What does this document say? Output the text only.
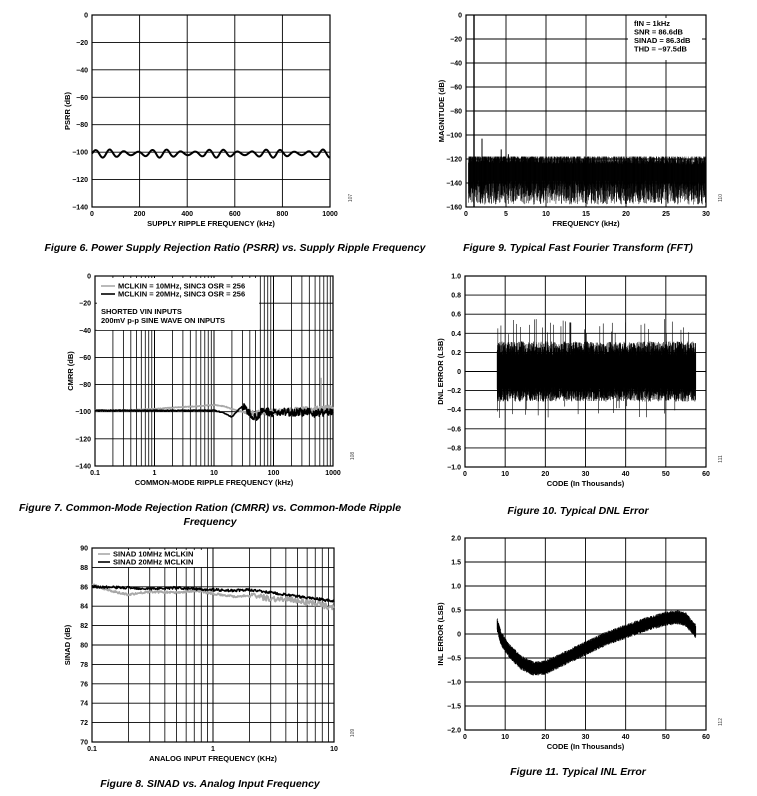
0
−20
−40
−60
−80
−100
−120
−140
0	200	400	600	800	1000
SUPPLY RIPPLE FREQUENCY (kHz)
PSRR (dB)
Figure 6. Power Supply Rejection Ratio (PSRR) vs. Supply Ripple Frequency
107
0
−20
−40
−60
−80
−100
−120
−140
−160
0	5	10	15	20	25	30
FREQUENCY (kHz)
MAGNITUDE (dB)
Figure 9. Typical Fast Fourier Transform (FFT)
110
fIN = 1kHz
SNR = 86.6dB
SINAD = 86.3dB
THD = −97.5dB
0
−20
−40
−60
−80
−100
−120
−140
0.1	1	10	100	1000
COMMON-MODE RIPPLE FREQUENCY (kHz)
CMRR (dB)
Figure 7. Common-Mode Rejection Ration (CMRR) vs. Common-Mode Ripple
108
MCLKIN = 10MHz, SINC3 OSR = 256
MCLKIN = 20MHz, SINC3 OSR = 256
SHORTED VIN INPUTS
200mV p-p SINE WAVE ON INPUTS
1.0
0.8
0.6
0.4
0.2
0
−0.2
−0.4
−0.6
−0.8
−1.0
0	10	20	30	40	50	60
CODE (In Thousands)
DNL ERROR (LSB)
Figure 10. Typical DNL Error
111
90
88
86
84
82
80
78
76
74
72
70
0.1	1	10
ANALOG INPUT FREQUENCY (KHz)
SINAD (dB)
Figure 8. SINAD vs. Analog Input Frequency
109
SINAD 10MHz MCLKIN
SINAD 20MHz MCLKIN
2.0
1.5
1.0
0.5
0
−0.5
−1.0
−1.5
−2.0
0	10	20	30	40	50	60
CODE (In Thousands)
INL ERROR (LSB)
Figure 11. Typical INL Error
112
Frequency
